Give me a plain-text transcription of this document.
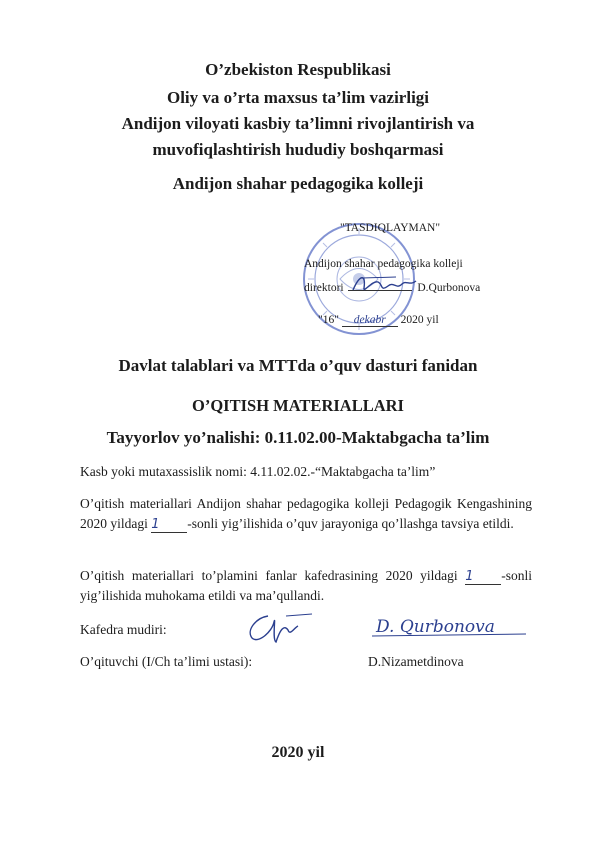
O’zbekiston Respublikasi
Oliy va o’rta maxsus ta’lim vazirligi
Andijon viloyati kasbiy ta’limni rivojlantirish va
muvofiqlashtirish hududiy boshqarmasi
Andijon shahar pedagogika kolleji
"TASDIQLAYMAN"
Andijon shahar pedagogika kolleji
direktori	D.Qurbonova
"16" dekabr 2020 yil
Davlat talablari va MTTda o’quv dasturi fanidan
O’QITISH MATERIALLARI
Tayyorlov yo’nalishi: 0.11.02.00-Maktabgacha ta’lim
Kasb yoki mutaxassislik nomi: 4.11.02.02.-“Maktabgacha ta’lim”
O’qitish materiallari Andijon shahar pedagogika kolleji Pedagogik Kengashining 2020 yildagi 1 -sonli yig’ilishida o’quv jarayoniga qo’llashga tavsiya etildi.
O’qitish materiallari to’plamini fanlar kafedrasining 2020 yildagi 1 -sonli yig’ilishida muhokama etildi va ma’qullandi.
Kafedra mudiri:	D. Qurbonova
O’qituvchi (I/Ch ta’limi ustasi):	D.Nizametdinova
2020 yil
